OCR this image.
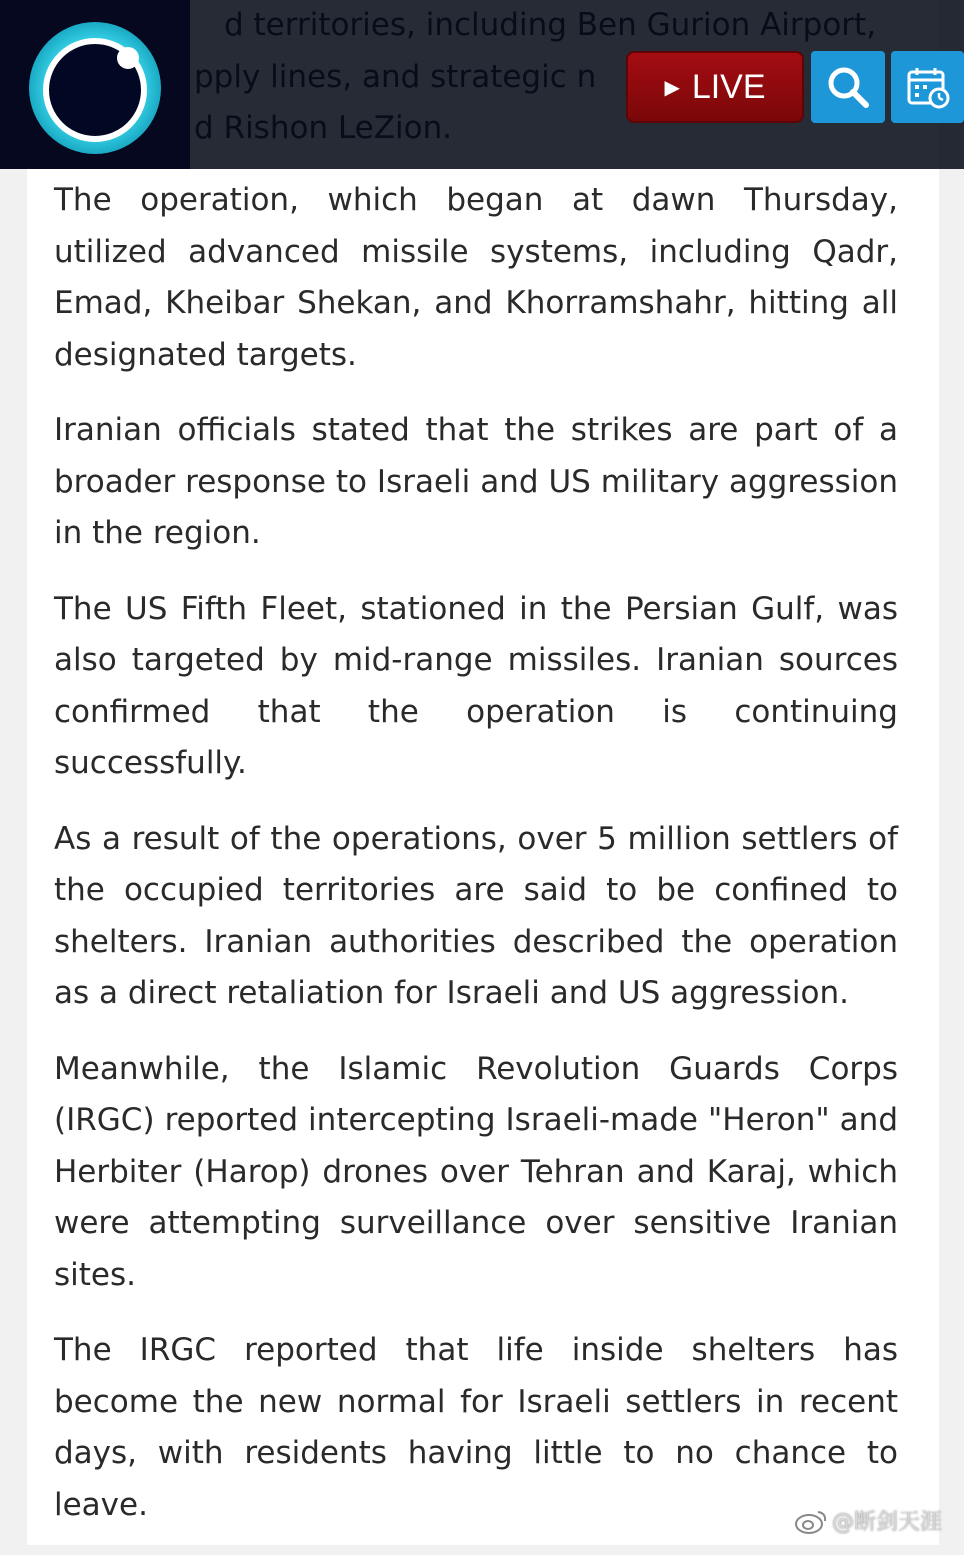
The operation, which began at dawn Thursday, utilized advanced missile systems, including Qadr, Emad, Kheibar Shekan, and Khorramshahr, hitting all designated targets.

Iranian officials stated that the strikes are part of a broader response to Israeli and US military aggression in the region.

The US Fifth Fleet, stationed in the Persian Gulf, was also targeted by mid-range missiles. Iranian sources confirmed that the operation is continuing successfully.

As a result of the operations, over 5 million settlers of the occupied territories are said to be confined to shelters. Iranian authorities described the operation as a direct retaliation for Israeli and US aggression.

Meanwhile, the Islamic Revolution Guards Corps (IRGC) reported intercepting Israeli-made "Heron" and Herbiter (Harop) drones over Tehran and Karaj, which were attempting surveillance over sensitive Iranian sites.

The IRGC reported that life inside shelters has become the new normal for Israeli settlers in recent days, with residents having little to no chance to leave.

▶ LIVE
@断剑天涯
